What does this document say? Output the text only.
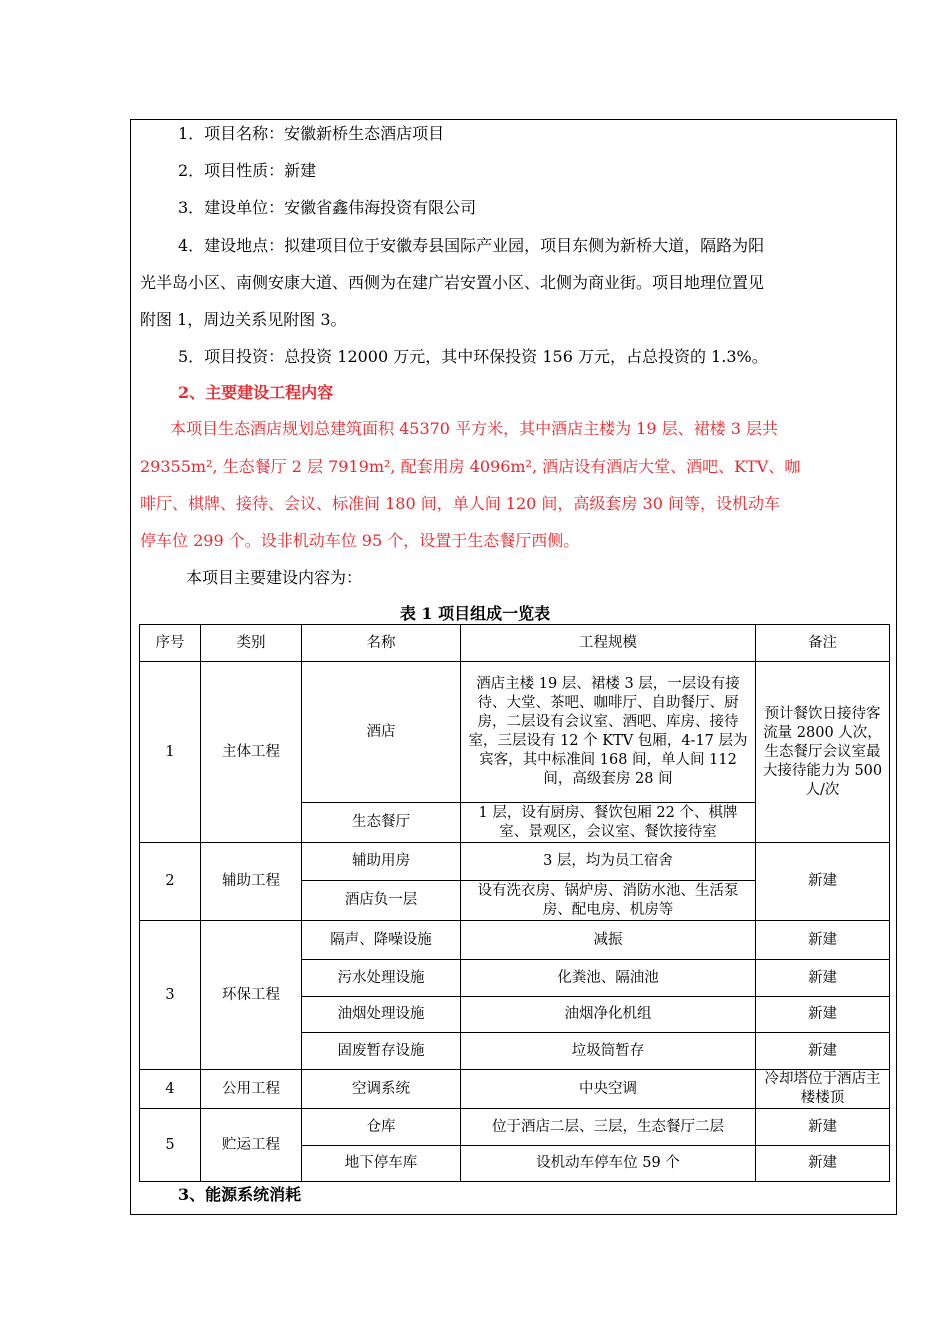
1．项目名称：安徽新桥生态酒店项目
2．项目性质：新建
3．建设单位：安徽省鑫伟海投资有限公司
4．建设地点：拟建项目位于安徽寿县国际产业园，项目东侧为新桥大道，隔路为阳
光半岛小区、南侧安康大道、西侧为在建广岩安置小区、北侧为商业街。项目地理位置见
附图 1，周边关系见附图 3。
5．项目投资：总投资 12000 万元，其中环保投资 156 万元，占总投资的 1.3%。
2、主要建设工程内容
本项目生态酒店规划总建筑面积 45370 平方米，其中酒店主楼为 19 层、裙楼 3 层共
29355m², 生态餐厅 2 层 7919m², 配套用房 4096m², 酒店设有酒店大堂、酒吧、KTV、咖
啡厅、棋牌、接待、会议、标准间 180 间，单人间 120 间，高级套房 30 间等，设机动车
停车位 299 个。设非机动车位 95 个，设置于生态餐厅西侧。
本项目主要建设内容为：
表 1 项目组成一览表
序号	类别	名称	工程规模	备注
1	主体工程	酒店	酒店主楼 19 层、裙楼 3 层，一层设有接待、大堂、茶吧、咖啡厅、自助餐厅、厨房，二层设有会议室、酒吧、库房、接待室，三层设有 12 个 KTV 包厢，4-17 层为宾客，其中标准间 168 间，单人间 112 间，高级套房 28 间	预计餐饮日接待客流量 2800 人次，生态餐厅会议室最大接待能力为 500 人/次
		生态餐厅	1 层，设有厨房、餐饮包厢 22 个、棋牌室、景观区，会议室、餐饮接待室	
2	辅助工程	辅助用房	3 层，均为员工宿舍	新建
		酒店负一层	设有洗衣房、锅炉房、消防水池、生活泵房、配电房、机房等	
3	环保工程	隔声、降噪设施	减振	新建
		污水处理设施	化粪池、隔油池	新建
		油烟处理设施	油烟净化机组	新建
		固废暂存设施	垃圾筒暂存	新建
4	公用工程	空调系统	中央空调	冷却塔位于酒店主楼楼顶
5	贮运工程	仓库	位于酒店二层、三层，生态餐厅二层	新建
		地下停车库	设机动车停车位 59 个	新建
3、能源系统消耗
